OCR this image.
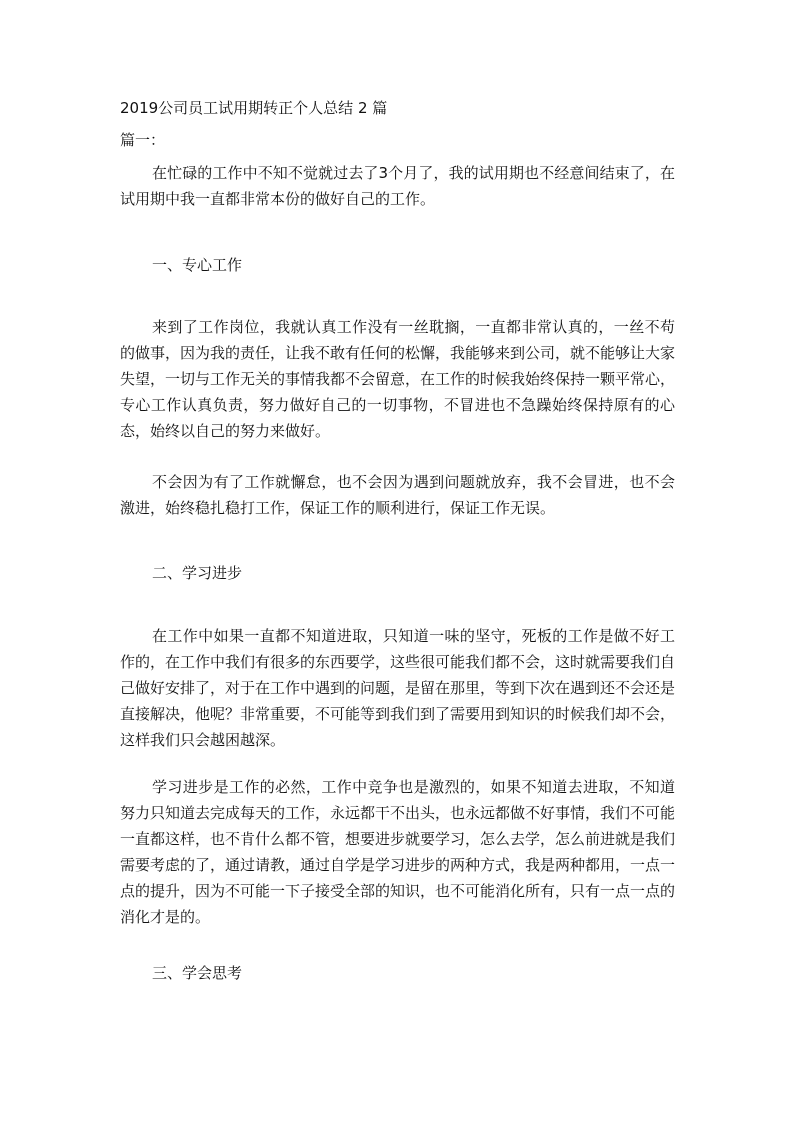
2019公司员工试用期转正个人总结 2 篇
篇一：

在忙碌的工作中不知不觉就过去了3个月了，我的试用期也不经意间结束了，在试用期中我一直都非常本份的做好自己的工作。

一、专心工作

来到了工作岗位，我就认真工作没有一丝耽搁，一直都非常认真的，一丝不苟的做事，因为我的责任，让我不敢有任何的松懈，我能够来到公司，就不能够让大家失望，一切与工作无关的事情我都不会留意，在工作的时候我始终保持一颗平常心，专心工作认真负责，努力做好自己的一切事物，不冒进也不急躁始终保持原有的心态，始终以自己的努力来做好。

不会因为有了工作就懈怠，也不会因为遇到问题就放弃，我不会冒进，也不会激进，始终稳扎稳打工作，保证工作的顺利进行，保证工作无误。

二、学习进步

在工作中如果一直都不知道进取，只知道一味的坚守，死板的工作是做不好工作的，在工作中我们有很多的东西要学，这些很可能我们都不会，这时就需要我们自己做好安排了，对于在工作中遇到的问题，是留在那里，等到下次在遇到还不会还是直接解决，他呢？非常重要，不可能等到我们到了需要用到知识的时候我们却不会，这样我们只会越困越深。

学习进步是工作的必然，工作中竞争也是激烈的，如果不知道去进取，不知道努力只知道去完成每天的工作，永远都干不出头，也永远都做不好事情，我们不可能一直都这样，也不肯什么都不管，想要进步就要学习，怎么去学，怎么前进就是我们需要考虑的了，通过请教，通过自学是学习进步的两种方式，我是两种都用，一点一点的提升，因为不可能一下子接受全部的知识，也不可能消化所有，只有一点一点的消化才是的。

三、学会思考
